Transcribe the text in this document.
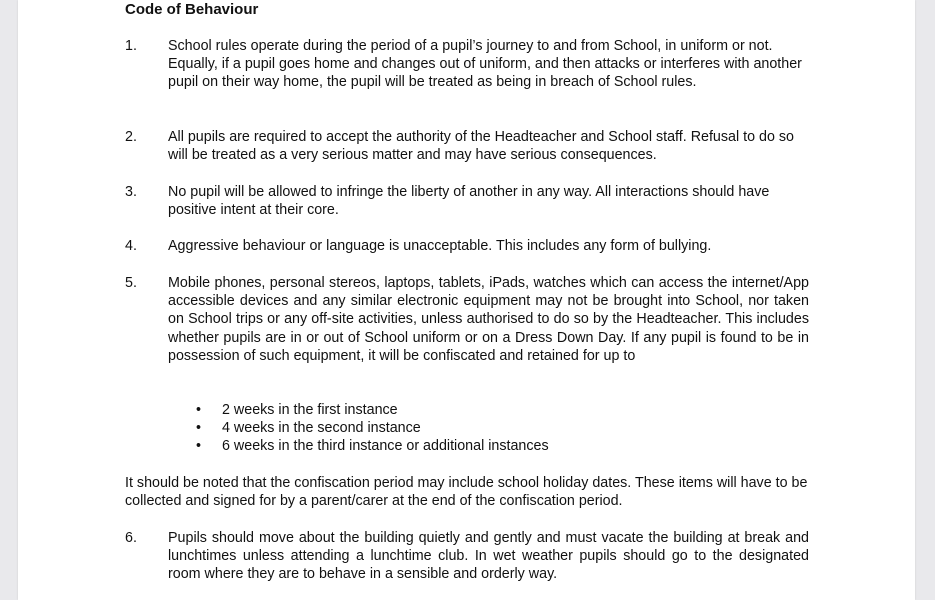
Code of Behaviour
1.	School rules operate during the period of a pupil’s journey to and from School, in uniform or not. Equally, if a pupil goes home and changes out of uniform, and then attacks or interferes with another pupil on their way home, the pupil will be treated as being in breach of School rules.
2.	All pupils are required to accept the authority of the Headteacher and School staff. Refusal to do so will be treated as a very serious matter and may have serious consequences.
3.	No pupil will be allowed to infringe the liberty of another in any way. All interactions should have positive intent at their core.
4.	Aggressive behaviour or language is unacceptable. This includes any form of bullying.
5.	Mobile phones, personal stereos, laptops, tablets, iPads, watches which can access the internet/App accessible devices and any similar electronic equipment may not be brought into School, nor taken on School trips or any off-site activities, unless authorised to do so by the Headteacher. This includes whether pupils are in or out of School uniform or on a Dress Down Day. If any pupil is found to be in possession of such equipment, it will be confiscated and retained for up to
• 2 weeks in the first instance
• 4 weeks in the second instance
• 6 weeks in the third instance or additional instances
It should be noted that the confiscation period may include school holiday dates. These items will have to be collected and signed for by a parent/carer at the end of the confiscation period.
6.	Pupils should move about the building quietly and gently and must vacate the building at break and lunchtimes unless attending a lunchtime club. In wet weather pupils should go to the designated room where they are to behave in a sensible and orderly way.
